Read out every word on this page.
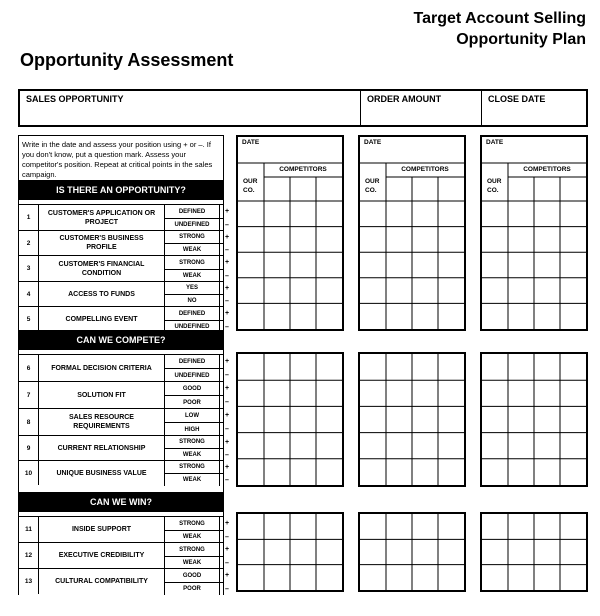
Target Account Selling
Opportunity Plan
Opportunity Assessment
SALES OPPORTUNITY	ORDER AMOUNT	CLOSE DATE
Write in the date and assess your position using + or –. If you don't know, put a question mark. Assess your competitor's position. Repeat at critical points in the sales campaign.
IS THERE AN OPPORTUNITY?
1
CUSTOMER'S APPLICATION OR PROJECT
DEFINED	+
UNDEFINED	–
2
CUSTOMER'S BUSINESS PROFILE
STRONG	+
WEAK	–
3
CUSTOMER'S FINANCIAL CONDITION
STRONG	+
WEAK	–
4	ACCESS TO FUNDS
YES	+
NO	–
5	COMPELLING EVENT
DEFINED	+
UNDEFINED	–
CAN WE COMPETE?
6	FORMAL DECISION CRITERIA
DEFINED	+
UNDEFINED	–
7	SOLUTION FIT
GOOD	+
POOR	–
8
SALES RESOURCE REQUIREMENTS
LOW	+
HIGH	–
9	CURRENT RELATIONSHIP
STRONG	+
WEAK	–
10	UNIQUE BUSINESS VALUE
STRONG	+
WEAK	–
CAN WE WIN?
11	INSIDE SUPPORT
STRONG	+
WEAK	–
12	EXECUTIVE CREDIBILITY
STRONG	+
WEAK	–
13	CULTURAL COMPATIBILITY
GOOD	+
POOR	–
DATE
COMPETITORS
OUR
CO.
DATE
COMPETITORS
OUR
CO.
DATE
COMPETITORS
OUR
CO.
